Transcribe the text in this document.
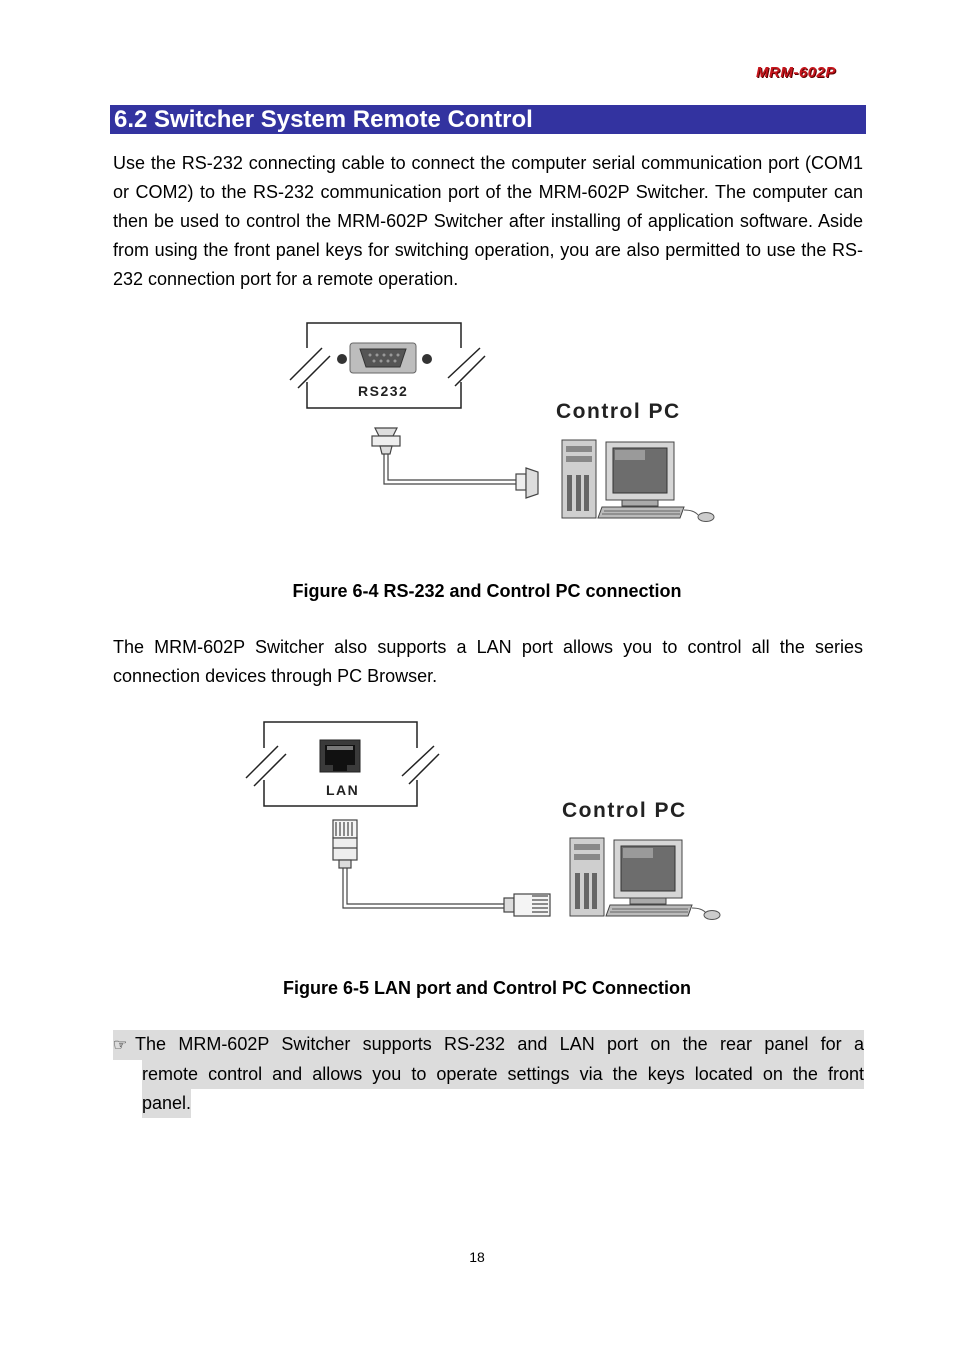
MRM-602P
6.2 Switcher System Remote Control
Use the RS-232 connecting cable to connect the computer serial communication port (COM1 or COM2) to the RS-232 communication port of the MRM-602P Switcher. The computer can then be used to control the MRM-602P Switcher after installing of application software. Aside from using the front panel keys for switching operation, you are also permitted to use the RS-232 connection port for a remote operation.
RS232
Control PC
Figure 6-4 RS-232 and Control PC connection
The MRM-602P Switcher also supports a LAN port allows you to control all the series connection devices through PC Browser.
LAN
Control PC
Figure 6-5 LAN port and Control PC Connection
☞ The MRM-602P Switcher supports RS-232 and LAN port on the rear panel for a
remote control and allows you to operate settings via the keys located on the front
panel.
18
